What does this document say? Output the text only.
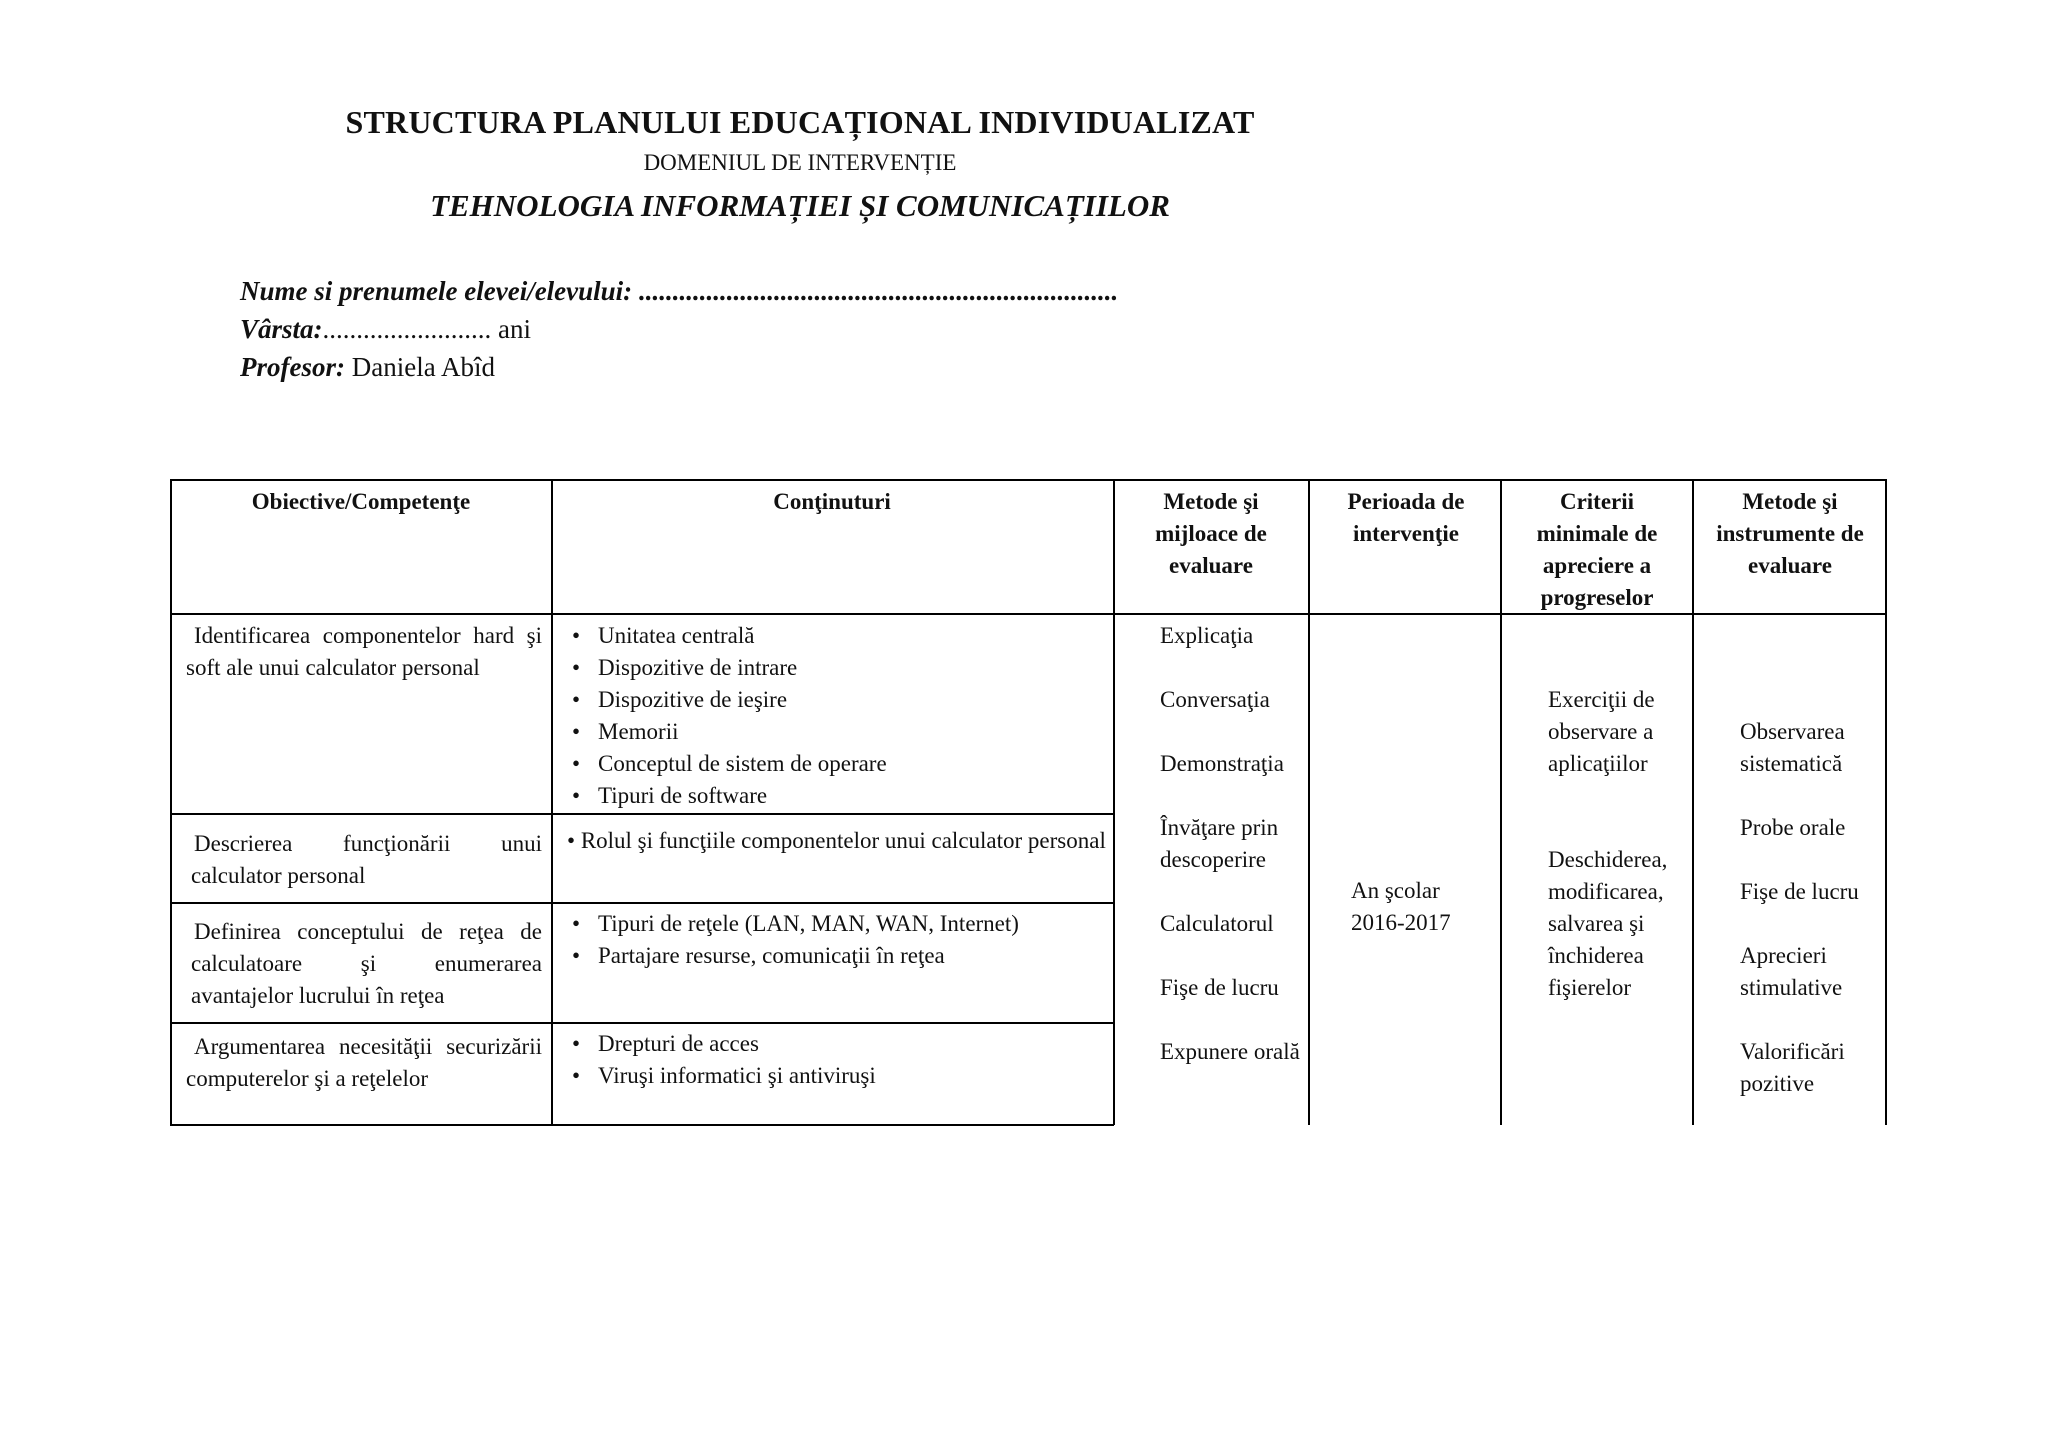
STRUCTURA PLANULUI EDUCAȚIONAL INDIVIDUALIZAT
DOMENIUL DE INTERVENȚIE
TEHNOLOGIA INFORMAȚIEI ȘI COMUNICAȚIILOR
Nume si prenumele elevei/elevului: .......................................................................
Vârsta:......................... ani
Profesor: Daniela Abîd
Obiective/Competenţe	Conţinuturi	Metode şi mijloace de evaluare
Perioada de intervenţie
Criterii minimale de apreciere a progreselor
Metode şi instrumente de evaluare
Identificarea componentelor hard şi soft ale unui calculator personal
Descrierea funcţionării unui calculator personal
Definirea conceptului de reţea de calculatoare şi enumerarea avantajelor lucrului în reţea
Argumentarea necesităţii securizării computerelor şi a reţelelor
• Unitatea centrală
• Dispozitive de intrare
• Dispozitive de ieşire
• Memorii
• Conceptul de sistem de operare
• Tipuri de software
• Rolul şi funcţiile componentelor unui calculator personal
• Tipuri de reţele (LAN, MAN, WAN, Internet)
• Partajare resurse, comunicaţii în reţea
• Drepturi de acces
• Viruşi informatici şi antiviruşi
Explicaţia
Conversaţia
Demonstraţia
Învăţare prin descoperire
Calculatorul
Fişe de lucru
Expunere orală
An şcolar 2016-2017
Exerciţii de observare a aplicaţiilor
Deschiderea, modificarea, salvarea şi închiderea fişierelor
Observarea sistematică
Probe orale
Fişe de lucru
Aprecieri stimulative
Valorificări pozitive
